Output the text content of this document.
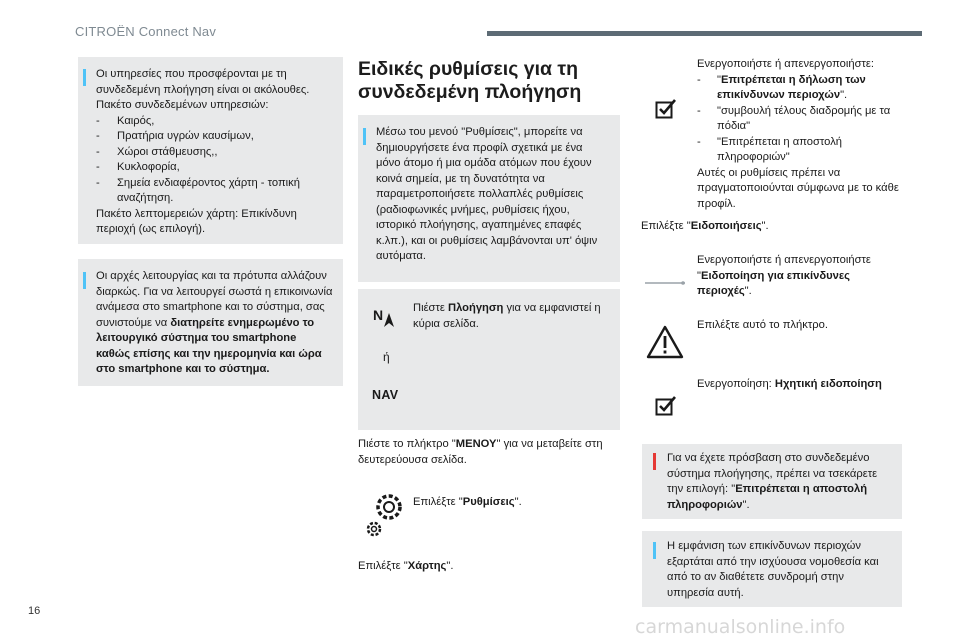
CITROËN Connect Nav

Οι υπηρεσίες που προσφέρονται με τη συνδεδεμένη πλοήγηση είναι οι ακόλουθες.

Πακέτο συνδεδεμένων υπηρεσιών:

- Καιρός,
- Πρατήρια υγρών καυσίμων,
- Χώροι στάθμευσης,,
- Κυκλοφορία,
- Σημεία ενδιαφέροντος χάρτη - τοπική αναζήτηση.

Πακέτο λεπτομερειών χάρτη: Επικίνδυνη περιοχή (ως επιλογή).

Οι αρχές λειτουργίας και τα πρότυπα αλλάζουν διαρκώς. Για να λειτουργεί σωστά η επικοινωνία ανάμεσα στο smartphone και το σύστημα, σας συνιστούμε να διατηρείτε ενημερωμένο το λειτουργικό σύστημα του smartphone καθώς επίσης και την ημερομηνία και ώρα στο smartphone και το σύστημα.

Ειδικές ρυθμίσεις για τη συνδεδεμένη πλοήγηση

Μέσω του μενού "Ρυθμίσεις", μπορείτε να δημιουργήσετε ένα προφίλ σχετικά με ένα μόνο άτομο ή μια ομάδα ατόμων που έχουν κοινά σημεία, με τη δυνατότητα να παραμετροποιήσετε πολλαπλές ρυθμίσεις (ραδιοφωνικές μνήμες, ρυθμίσεις ήχου, ιστορικό πλοήγησης, αγαπημένες επαφές κ.λπ.), και οι ρυθμίσεις λαμβάνονται υπ' όψιν αυτόματα.

N
ή
NAV
Πιέστε Πλοήγηση για να εμφανιστεί η κύρια σελίδα.
Πιέστε το πλήκτρο "ΜΕΝΟΥ" για να μεταβείτε στη δευτερεύουσα σελίδα.
Επιλέξτε "Ρυθμίσεις".
Επιλέξτε "Χάρτης".

Ενεργοποιήστε ή απενεργοποιήστε:

- "Επιτρέπεται η δήλωση των επικίνδυνων περιοχών".
- "συμβουλή τέλους διαδρομής με τα πόδια"
- "Επιτρέπεται η αποστολή πληροφοριών"

Αυτές οι ρυθμίσεις πρέπει να πραγματοποιούνται σύμφωνα με το κάθε προφίλ.

Επιλέξτε "Ειδοποιήσεις".
Ενεργοποιήστε ή απενεργοποιήστε "Ειδοποίηση για επικίνδυνες περιοχές".
Επιλέξτε αυτό το πλήκτρο.
Ενεργοποίηση: Ηχητική ειδοποίηση

Για να έχετε πρόσβαση στο συνδεδεμένο σύστημα πλοήγησης, πρέπει να τσεκάρετε την επιλογή: "Επιτρέπεται η αποστολή πληροφοριών".

Η εμφάνιση των επικίνδυνων περιοχών εξαρτάται από την ισχύουσα νομοθεσία και από το αν διαθέτετε συνδρομή στην υπηρεσία αυτή.

16
carmanualsonline.info
